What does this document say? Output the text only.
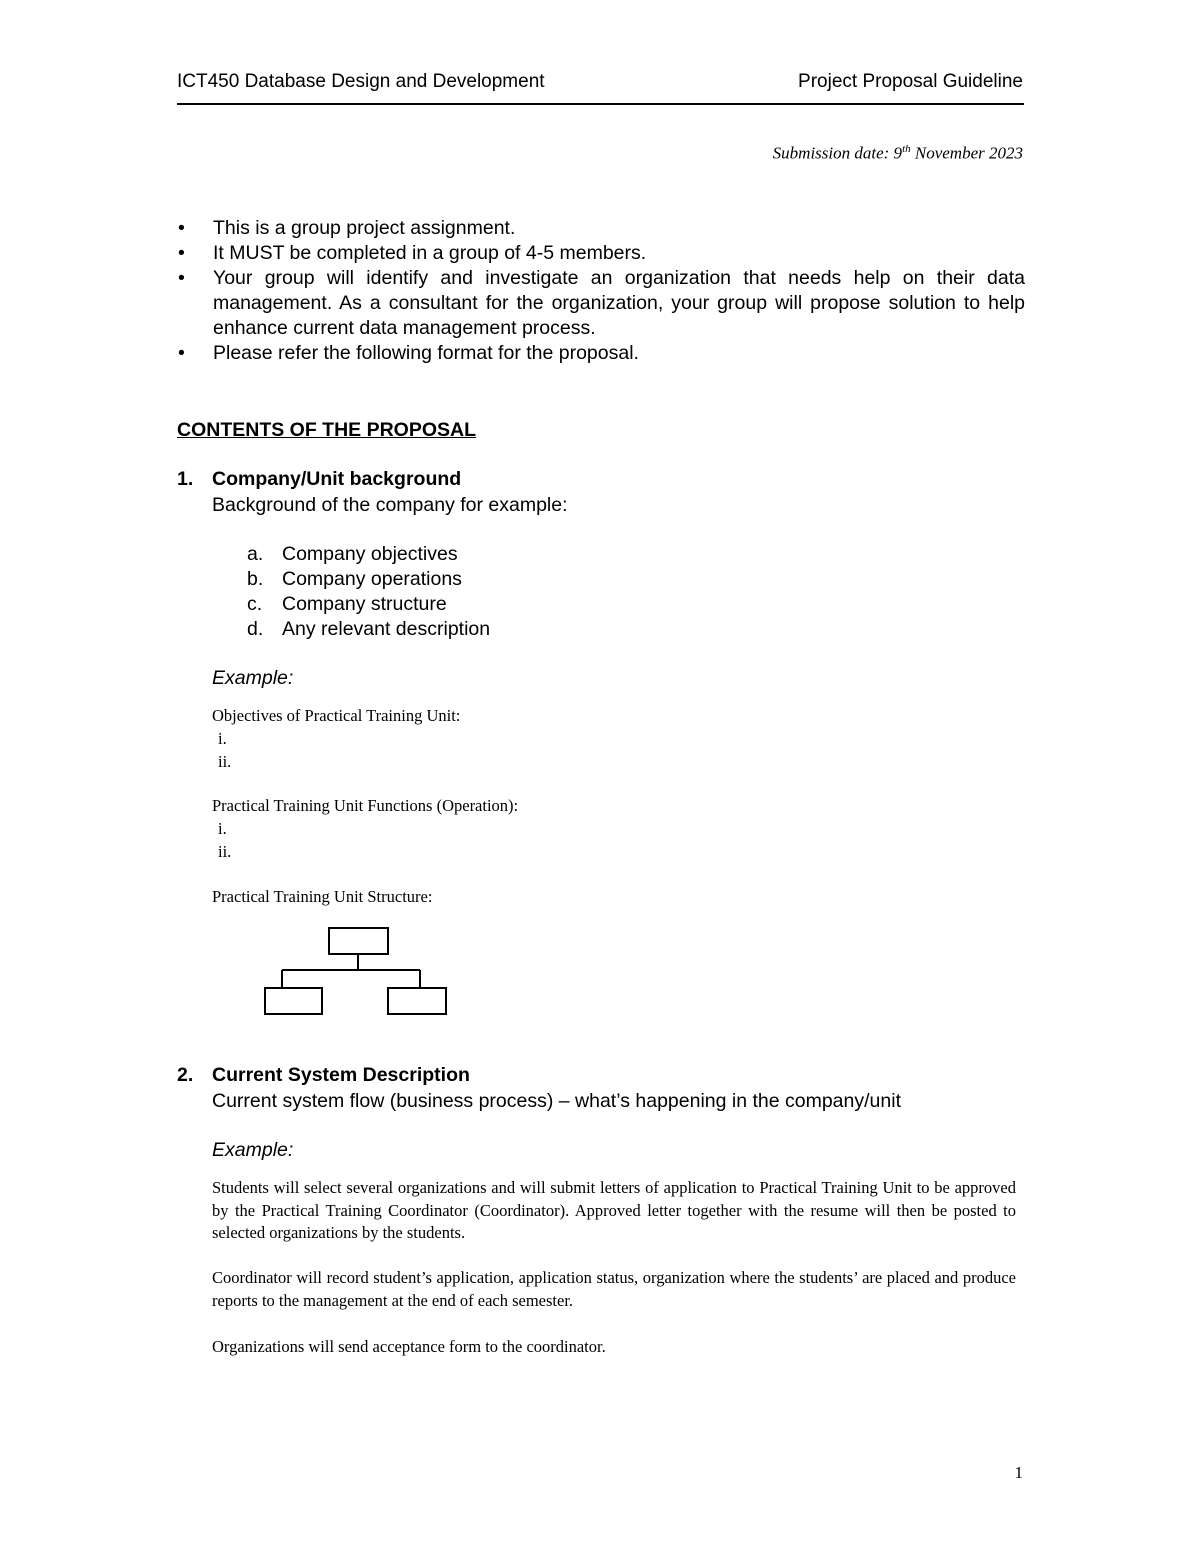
ICT450 Database Design and Development	Project Proposal Guideline
Submission date: 9th November 2023
•	This is a group project assignment.
•	It MUST be completed in a group of 4-5 members.
•	Your group will identify and investigate an organization that needs help on their data management. As a consultant for the organization, your group will propose solution to help enhance current data management process.
•	Please refer the following format for the proposal.
CONTENTS OF THE PROPOSAL
1. Company/Unit background
Background of the company for example:
a. Company objectives
b. Company operations
c.	Company structure
d. Any relevant description
Example:
Objectives of Practical Training Unit:
i.
ii.
Practical Training Unit Functions (Operation):
i.
ii.
Practical Training Unit Structure:
2. Current System Description
Current system flow (business process) – what’s happening in the company/unit
Example:
Students will select several organizations and will submit letters of application to Practical Training Unit to be approved by the Practical Training Coordinator (Coordinator). Approved letter together with the resume will then be posted to selected organizations by the students.
Coordinator will record student’s application, application status, organization where the students’ are placed and produce reports to the management at the end of each semester.
Organizations will send acceptance form to the coordinator.
1
